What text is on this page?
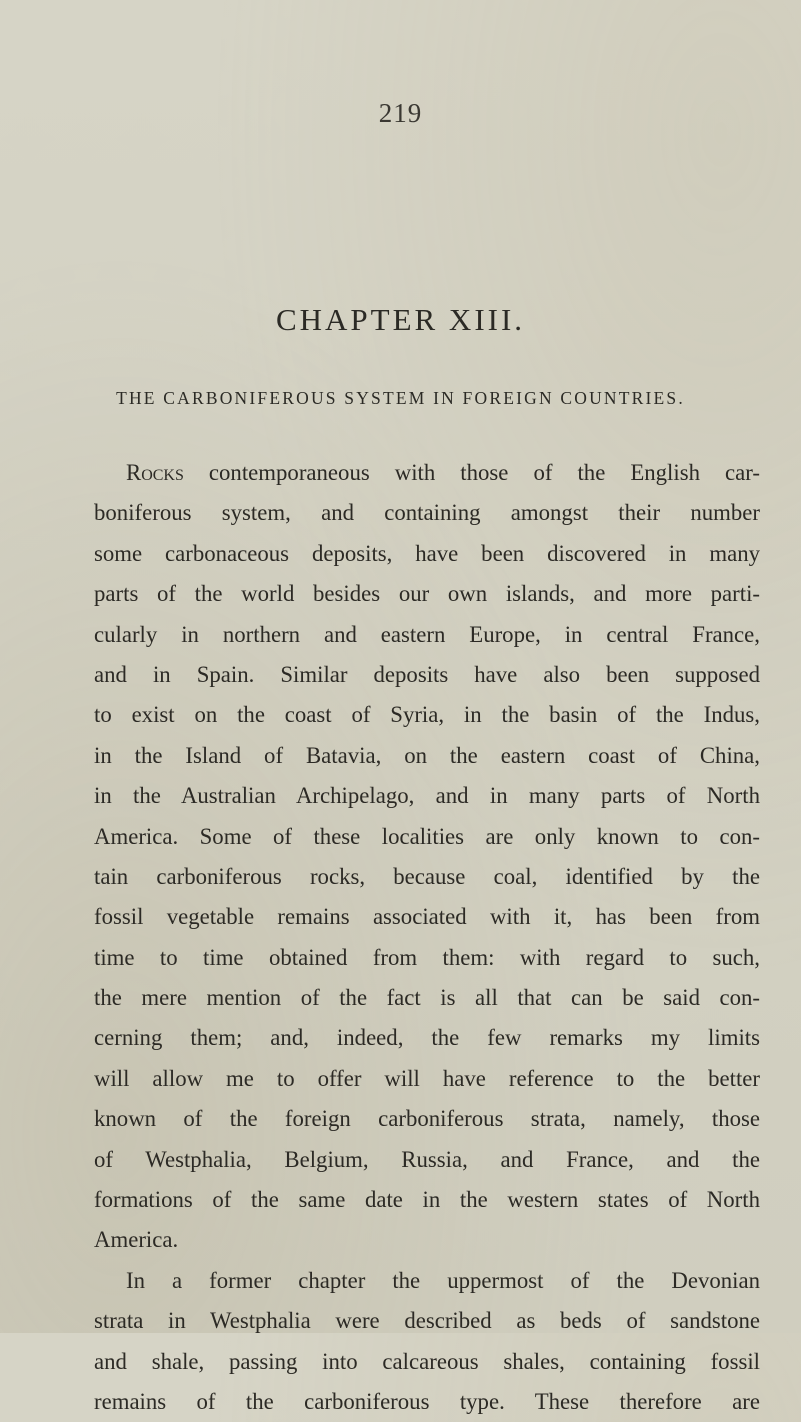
219
CHAPTER XIII.
THE CARBONIFEROUS SYSTEM IN FOREIGN COUNTRIES.
Rocks contemporaneous with those of the English car-
boniferous system, and containing amongst their number
some carbonaceous deposits, have been discovered in many
parts of the world besides our own islands, and more parti-
cularly in northern and eastern Europe, in central France,
and in Spain. Similar deposits have also been supposed
to exist on the coast of Syria, in the basin of the Indus,
in the Island of Batavia, on the eastern coast of China,
in the Australian Archipelago, and in many parts of North
America. Some of these localities are only known to con-
tain carboniferous rocks, because coal, identified by the
fossil vegetable remains associated with it, has been from
time to time obtained from them: with regard to such,
the mere mention of the fact is all that can be said con-
cerning them; and, indeed, the few remarks my limits
will allow me to offer will have reference to the better
known of the foreign carboniferous strata, namely, those
of Westphalia, Belgium, Russia, and France, and the
formations of the same date in the western states of North
America.
In a former chapter the uppermost of the Devonian
strata in Westphalia were described as beds of sandstone
and shale, passing into calcareous shales, containing fossil
remains of the carboniferous type. These therefore are
